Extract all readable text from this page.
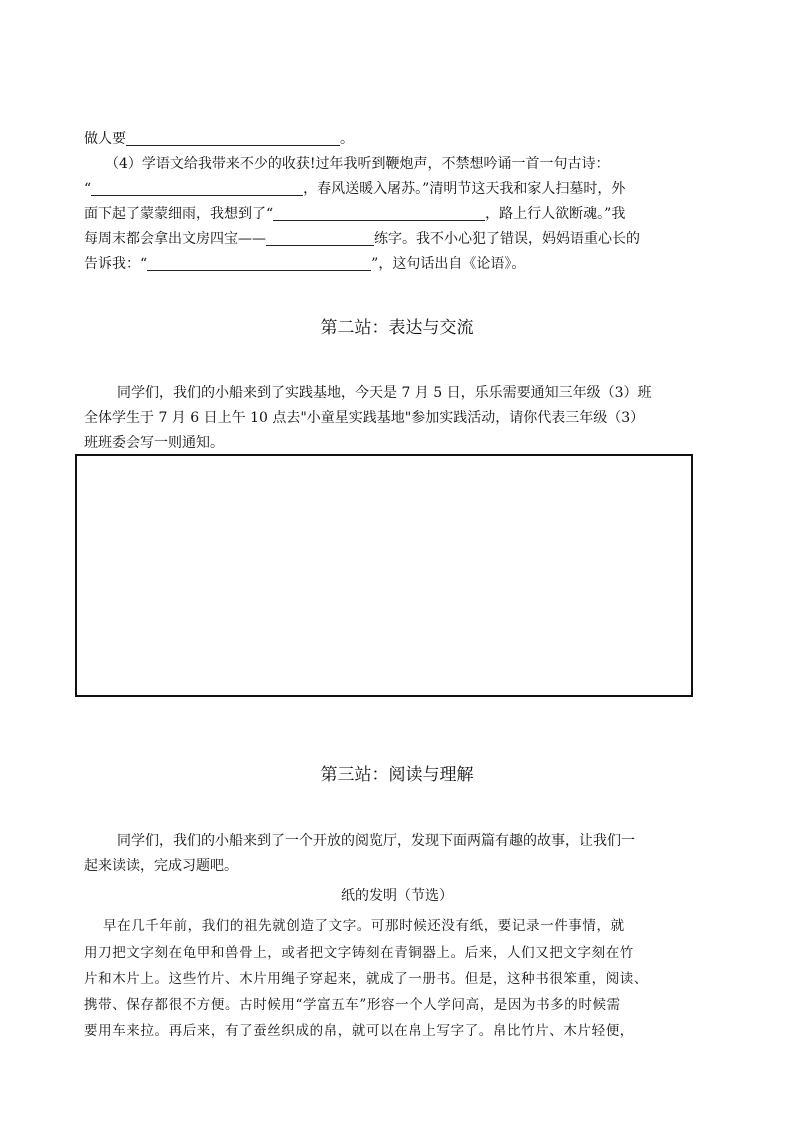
做人要	。
（4）学语文给我带来不少的收获!过年我听到鞭炮声，不禁想吟诵一首一句古诗：
“	，春风送暖入屠苏。”清明节这天我和家人扫墓时，外
面下起了蒙蒙细雨，我想到了“	，路上行人欲断魂。”我
每周末都会拿出文房四宝——	练字。我不小心犯了错误，妈妈语重心长的
告诉我：“	”，这句话出自《论语》。
第二站：表达与交流
同学们，我们的小船来到了实践基地，今天是 7 月 5 日，乐乐需要通知三年级（3）班
全体学生于 7 月 6 日上午 10 点去"小童星实践基地"参加实践活动，请你代表三年级（3）
班班委会写一则通知。
第三站：阅读与理解
同学们，我们的小船来到了一个开放的阅览厅，发现下面两篇有趣的故事，让我们一
起来读读，完成习题吧。
纸的发明（节选）
早在几千年前，我们的祖先就创造了文字。可那时候还没有纸，要记录一件事情，就
用刀把文字刻在龟甲和兽骨上，或者把文字铸刻在青铜器上。后来，人们又把文字刻在竹
片和木片上。这些竹片、木片用绳子穿起来，就成了一册书。但是，这种书很笨重，阅读、
携带、保存都很不方便。古时候用“学富五车”形容一个人学问高，是因为书多的时候需
要用车来拉。再后来，有了蚕丝织成的帛，就可以在帛上写字了。帛比竹片、木片轻便，
